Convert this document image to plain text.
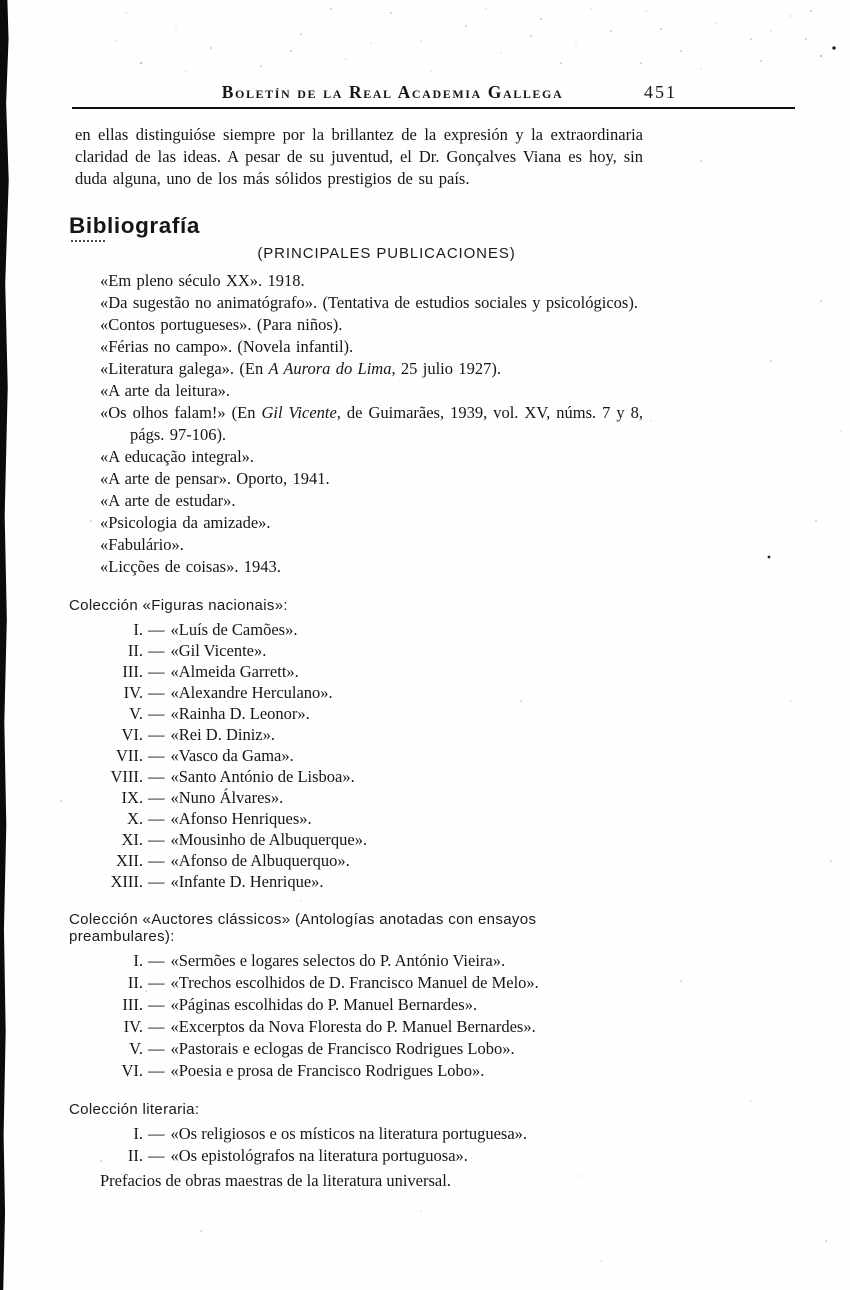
Boletín de la Real Academia Gallega	451

en ellas distinguióse siempre por la brillantez de la expresión y la extraordinaria claridad de las ideas. A pesar de su juventud, el Dr. Gonçalves Viana es hoy, sin duda alguna, uno de los más sólidos prestigios de su país.

Bibliografía
(PRINCIPALES PUBLICACIONES)
«Em pleno século XX». 1918.
«Da sugestão no animatógrafo». (Tentativa de estudios sociales y psicológicos).
«Contos portugueses». (Para niños).
«Férias no campo». (Novela infantil).
«Literatura galega». (En A Aurora do Lima, 25 julio 1927).
«A arte da leitura».
«Os olhos falam!» (En Gil Vicente, de Guimarães, 1939, vol. XV, núms. 7 y 8, págs. 97-106).
«A educação integral».
«A arte de pensar». Oporto, 1941.
«A arte de estudar».
«Psicologia da amizade».
«Fabulário».
«Licções de coisas». 1943.
Colección «Figuras nacionais»:
I. — «Luís de Camões».
II. — «Gil Vicente».
III. — «Almeida Garrett».
IV. — «Alexandre Herculano».
V. — «Rainha D. Leonor».
VI. — «Rei D. Diniz».
VII. — «Vasco da Gama».
VIII. — «Santo António de Lisboa».
IX. — «Nuno Álvares».
X. — «Afonso Henriques».
XI. — «Mousinho de Albuquerque».
XII. — «Afonso de Albuquerquo».
XIII. — «Infante D. Henrique».
Colección «Auctores clássicos» (Antologías anotadas con ensayos preambulares):
I. — «Sermões e logares selectos do P. António Vieira».
II. — «Trechos escolhidos de D. Francisco Manuel de Melo».
III. — «Páginas escolhidas do P. Manuel Bernardes».
IV. — «Excerptos da Nova Floresta do P. Manuel Bernardes».
V. — «Pastorais e eclogas de Francisco Rodrigues Lobo».
VI. — «Poesia e prosa de Francisco Rodrigues Lobo».
Colección literaria:
I. — «Os religiosos e os místicos na literatura portuguesa».
II. — «Os epistológrafos na literatura portuguosa».

Prefacios de obras maestras de la literatura universal.
